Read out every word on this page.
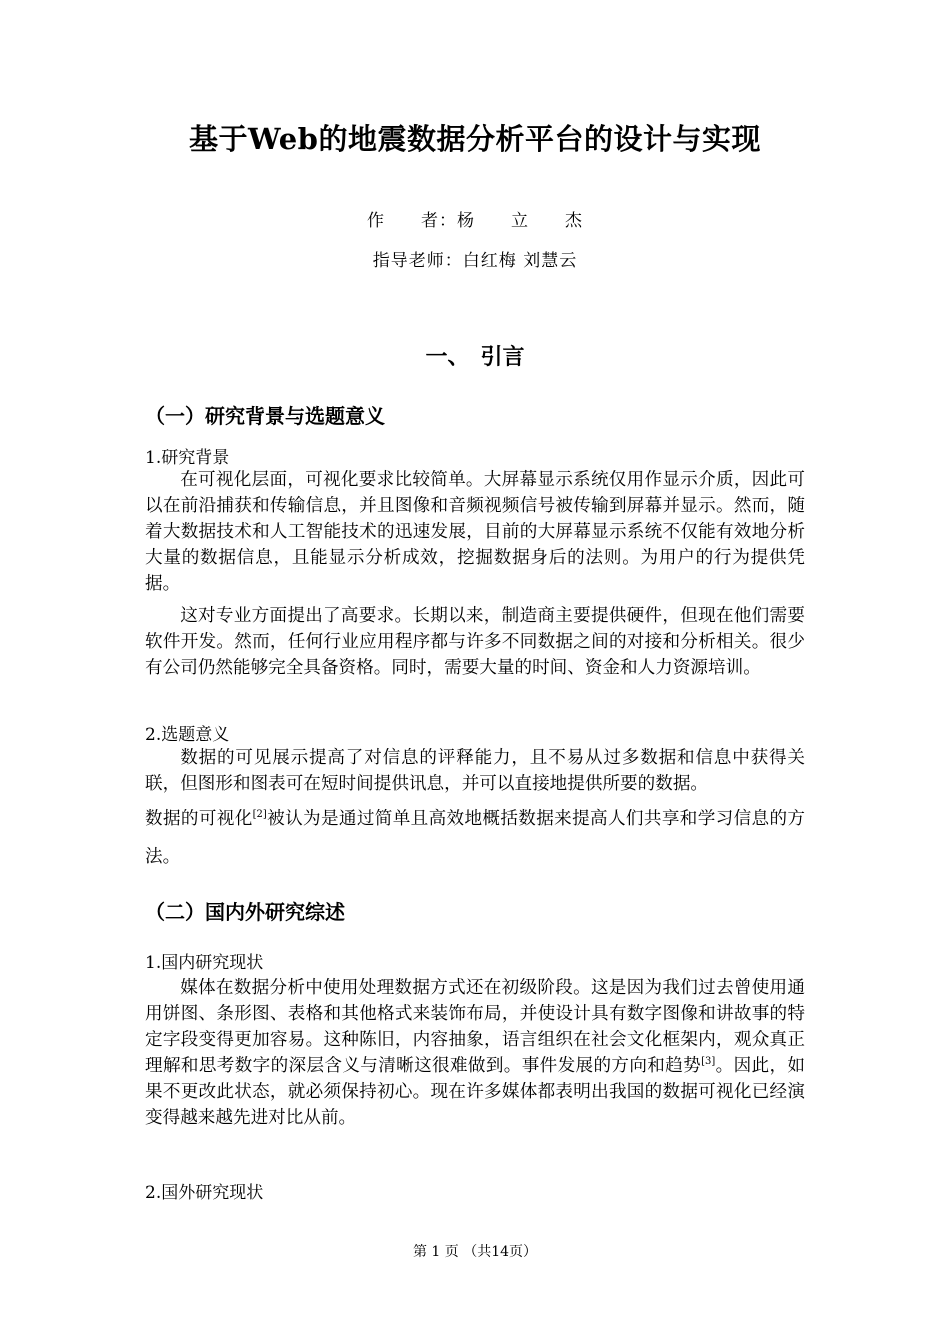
基于Web的地震数据分析平台的设计与实现
作　　者：杨　　立　　杰
指导老师：白红梅 刘慧云
一、　引言
（一）研究背景与选题意义
1.研究背景

在可视化层面，可视化要求比较简单。大屏幕显示系统仅用作显示介质，因此可以在前沿捕获和传输信息，并且图像和音频视频信号被传输到屏幕并显示。然而，随着大数据技术和人工智能技术的迅速发展，目前的大屏幕显示系统不仅能有效地分析大量的数据信息，且能显示分析成效，挖掘数据身后的法则。为用户的行为提供凭据。

这对专业方面提出了高要求。长期以来，制造商主要提供硬件，但现在他们需要软件开发。然而，任何行业应用程序都与许多不同数据之间的对接和分析相关。很少有公司仍然能够完全具备资格。同时，需要大量的时间、资金和人力资源培训。

2.选题意义

数据的可见展示提高了对信息的评释能力，且不易从过多数据和信息中获得关联，但图形和图表可在短时间提供讯息，并可以直接地提供所要的数据。

数据的可视化[2]被认为是通过简单且高效地概括数据来提高人们共享和学习信息的方法。

（二）国内外研究综述
1.国内研究现状

媒体在数据分析中使用处理数据方式还在初级阶段。这是因为我们过去曾使用通用饼图、条形图、表格和其他格式来装饰布局，并使设计具有数字图像和讲故事的特定字段变得更加容易。这种陈旧，内容抽象，语言组织在社会文化框架内，观众真正理解和思考数字的深层含义与清晰这很难做到。事件发展的方向和趋势[3]。因此，如果不更改此状态，就必须保持初心。现在许多媒体都表明出我国的数据可视化已经演变得越来越先进对比从前。

2.国外研究现状
第 1 页 （共14页）
